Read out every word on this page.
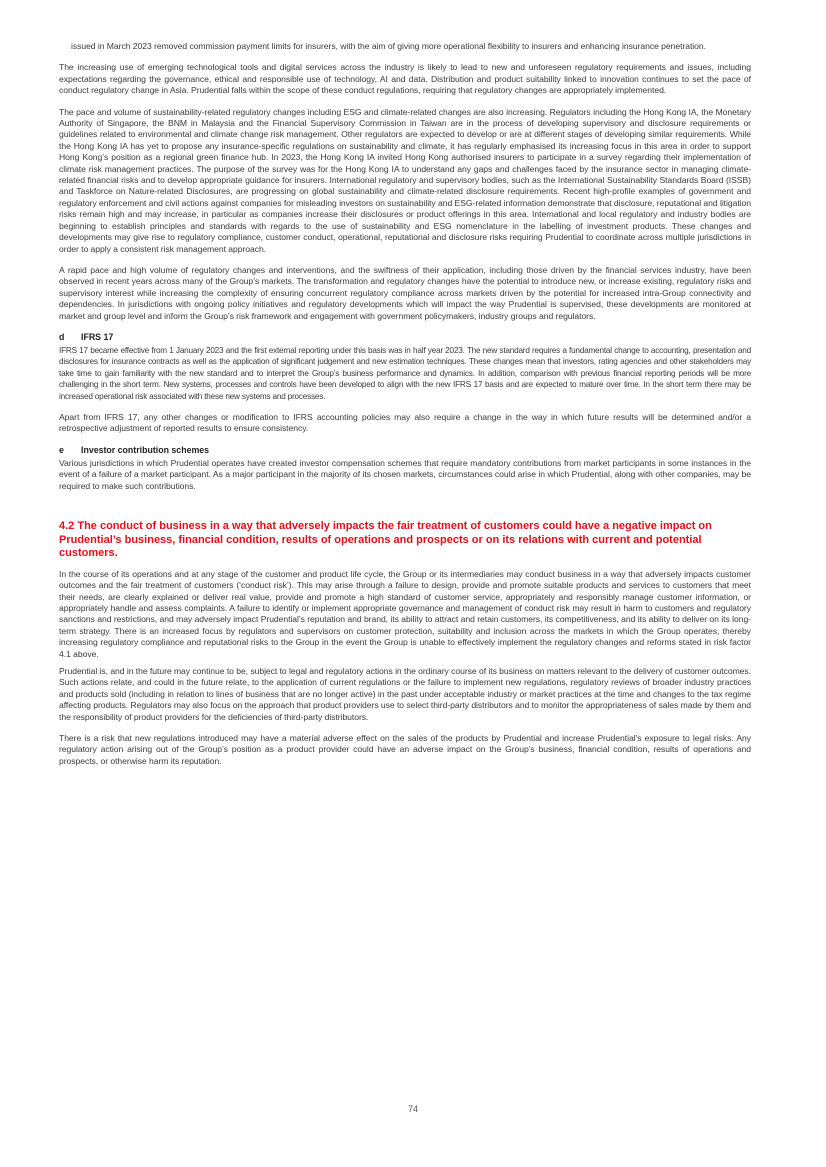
issued in March 2023 removed commission payment limits for insurers, with the aim of giving more operational flexibility to insurers and enhancing insurance penetration.

The increasing use of emerging technological tools and digital services across the industry is likely to lead to new and unforeseen regulatory requirements and issues, including expectations regarding the governance, ethical and responsible use of technology, AI and data. Distribution and product suitability linked to innovation continues to set the pace of conduct regulatory change in Asia. Prudential falls within the scope of these conduct regulations, requiring that regulatory changes are appropriately implemented.

The pace and volume of sustainability-related regulatory changes including ESG and climate-related changes are also increasing. Regulators including the Hong Kong IA, the Monetary Authority of Singapore, the BNM in Malaysia and the Financial Supervisory Commission in Taiwan are in the process of developing supervisory and disclosure requirements or guidelines related to environmental and climate change risk management. Other regulators are expected to develop or are at different stages of developing similar requirements. While the Hong Kong IA has yet to propose any insurance-specific regulations on sustainability and climate, it has regularly emphasised its increasing focus in this area in order to support Hong Kong’s position as a regional green finance hub. In 2023, the Hong Kong IA invited Hong Kong authorised insurers to participate in a survey regarding their implementation of climate risk management practices. The purpose of the survey was for the Hong Kong IA to understand any gaps and challenges faced by the insurance sector in managing climate-related financial risks and to develop appropriate guidance for insurers. International regulatory and supervisory bodies, such as the International Sustainability Standards Board (ISSB) and Taskforce on Nature-related Disclosures, are progressing on global sustainability and climate-related disclosure requirements. Recent high-profile examples of government and regulatory enforcement and civil actions against companies for misleading investors on sustainability and ESG-related information demonstrate that disclosure, reputational and litigation risks remain high and may increase, in particular as companies increase their disclosures or product offerings in this area. International and local regulatory and industry bodies are beginning to establish principles and standards with regards to the use of sustainability and ESG nomenclature in the labelling of investment products. These changes and developments may give rise to regulatory compliance, customer conduct, operational, reputational and disclosure risks requiring Prudential to coordinate across multiple jurisdictions in order to apply a consistent risk management approach.

A rapid pace and high volume of regulatory changes and interventions, and the swiftness of their application, including those driven by the financial services industry, have been observed in recent years across many of the Group’s markets. The transformation and regulatory changes have the potential to introduce new, or increase existing, regulatory risks and supervisory interest while increasing the complexity of ensuring concurrent regulatory compliance across markets driven by the potential for increased intra-Group connectivity and dependencies. In jurisdictions with ongoing policy initiatives and regulatory developments which will impact the way Prudential is supervised, these developments are monitored at market and group level and inform the Group’s risk framework and engagement with government policymakers, industry groups and regulators.

d IFRS 17

IFRS 17 became effective from 1 January 2023 and the first external reporting under this basis was in half year 2023. The new standard requires a fundamental change to accounting, presentation and disclosures for insurance contracts as well as the application of significant judgement and new estimation techniques. These changes mean that investors, rating agencies and other stakeholders may take time to gain familiarity with the new standard and to interpret the Group’s business performance and dynamics. In addition, comparison with previous financial reporting periods will be more challenging in the short term. New systems, processes and controls have been developed to align with the new IFRS 17 basis and are expected to mature over time. In the short term there may be increased operational risk associated with these new systems and processes.

Apart from IFRS 17, any other changes or modification to IFRS accounting policies may also require a change in the way in which future results will be determined and/or a retrospective adjustment of reported results to ensure consistency.

e Investor contribution schemes

Various jurisdictions in which Prudential operates have created investor compensation schemes that require mandatory contributions from market participants in some instances in the event of a failure of a market participant. As a major participant in the majority of its chosen markets, circumstances could arise in which Prudential, along with other companies, may be required to make such contributions.

4.2 The conduct of business in a way that adversely impacts the fair treatment of customers could have a negative impact on Prudential’s business, financial condition, results of operations and prospects or on its relations with current and potential customers.

In the course of its operations and at any stage of the customer and product life cycle, the Group or its intermediaries may conduct business in a way that adversely impacts customer outcomes and the fair treatment of customers (‘conduct risk’). This may arise through a failure to design, provide and promote suitable products and services to customers that meet their needs, are clearly explained or deliver real value, provide and promote a high standard of customer service, appropriately and responsibly manage customer information, or appropriately handle and assess complaints. A failure to identify or implement appropriate governance and management of conduct risk may result in harm to customers and regulatory sanctions and restrictions, and may adversely impact Prudential’s reputation and brand, its ability to attract and retain customers, its competitiveness, and its ability to deliver on its long-term strategy. There is an increased focus by regulators and supervisors on customer protection, suitability and inclusion across the markets in which the Group operates, thereby increasing regulatory compliance and reputational risks to the Group in the event the Group is unable to effectively implement the regulatory changes and reforms stated in risk factor 4.1 above.

Prudential is, and in the future may continue to be, subject to legal and regulatory actions in the ordinary course of its business on matters relevant to the delivery of customer outcomes. Such actions relate, and could in the future relate, to the application of current regulations or the failure to implement new regulations, regulatory reviews of broader industry practices and products sold (including in relation to lines of business that are no longer active) in the past under acceptable industry or market practices at the time and changes to the tax regime affecting products. Regulators may also focus on the approach that product providers use to select third-party distributors and to monitor the appropriateness of sales made by them and the responsibility of product providers for the deficiencies of third-party distributors.

There is a risk that new regulations introduced may have a material adverse effect on the sales of the products by Prudential and increase Prudential’s exposure to legal risks. Any regulatory action arising out of the Group’s position as a product provider could have an adverse impact on the Group’s business, financial condition, results of operations and prospects, or otherwise harm its reputation.

74
